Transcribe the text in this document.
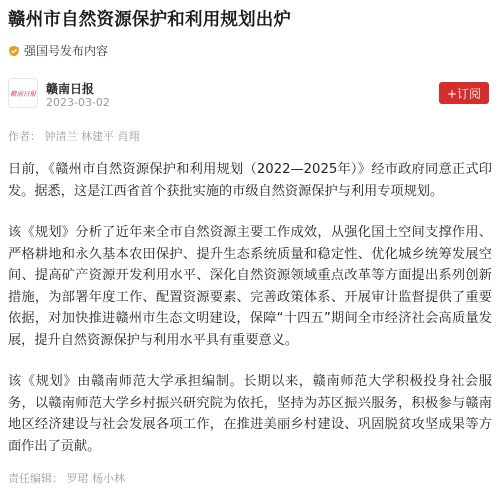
赣州市自然资源保护和利用规划出炉
强国号发布内容
赣南日报 赣南日报
2023-03-02
+订阅
作者： 钟清兰 林建平 肖翔
日前，《赣州市自然资源保护和利用规划（2022—2025年）》经市政府同意正式印发。据悉，这是江西省首个获批实施的市级自然资源保护与利用专项规划。
该《规划》分析了近年来全市自然资源主要工作成效，从强化国土空间支撑作用、严格耕地和永久基本农田保护、提升生态系统质量和稳定性、优化城乡统筹发展空间、提高矿产资源开发利用水平、深化自然资源领域重点改革等方面提出系列创新措施，为部署年度工作、配置资源要素、完善政策体系、开展审计监督提供了重要依据，对加快推进赣州市生态文明建设，保障“十四五”期间全市经济社会高质量发展，提升自然资源保护与利用水平具有重要意义。
该《规划》由赣南师范大学承担编制。长期以来，赣南师范大学积极投身社会服务，以赣南师范大学乡村振兴研究院为依托，坚持为苏区振兴服务，积极参与赣南地区经济建设与社会发展各项工作，在推进美丽乡村建设、巩固脱贫攻坚成果等方面作出了贡献。
责任编辑： 罗珺 杨小林
